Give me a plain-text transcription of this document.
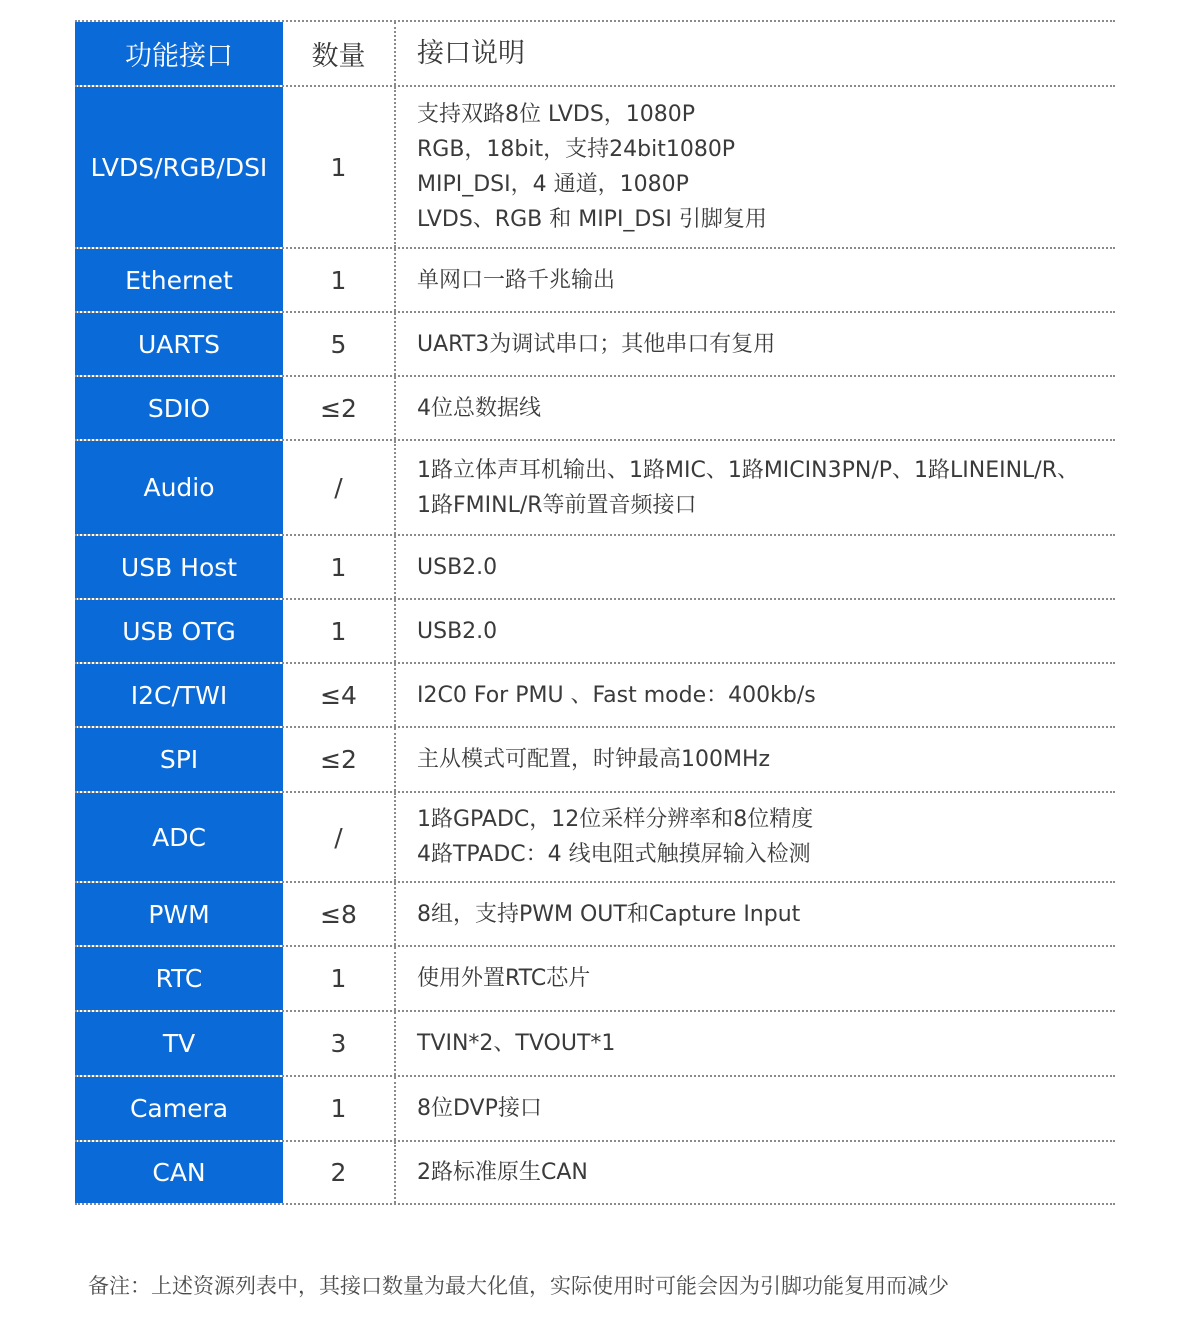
功能接口	数量	接口说明
LVDS/RGB/DSI	1
支持双路8位 LVDS，1080P
RGB，18bit，支持24bit1080P
MIPI_DSI，4 通道，1080P
LVDS、RGB 和 MIPI_DSI 引脚复用
Ethernet	1	单网口一路千兆输出
UARTS	5	UART3为调试串口；其他串口有复用
SDIO	≤2	4位总数据线
Audio	/
1路立体声耳机输出、1路MIC、1路MICIN3PN/P、1路LINEINL/R、
1路FMINL/R等前置音频接口
USB Host	1	USB2.0
USB OTG	1	USB2.0
I2C/TWI	≤4	I2C0 For PMU 、Fast mode：400kb/s
SPI	≤2	主从模式可配置，时钟最高100MHz
ADC	/
1路GPADC，12位采样分辨率和8位精度
4路TPADC：4 线电阻式触摸屏输入检测
PWM	≤8	8组，支持PWM OUT和Capture Input
RTC	1	使用外置RTC芯片
TV	3	TVIN*2、TVOUT*1
Camera	1	8位DVP接口
CAN	2	2路标准原生CAN
备注：上述资源列表中，其接口数量为最大化值，实际使用时可能会因为引脚功能复用而减少
